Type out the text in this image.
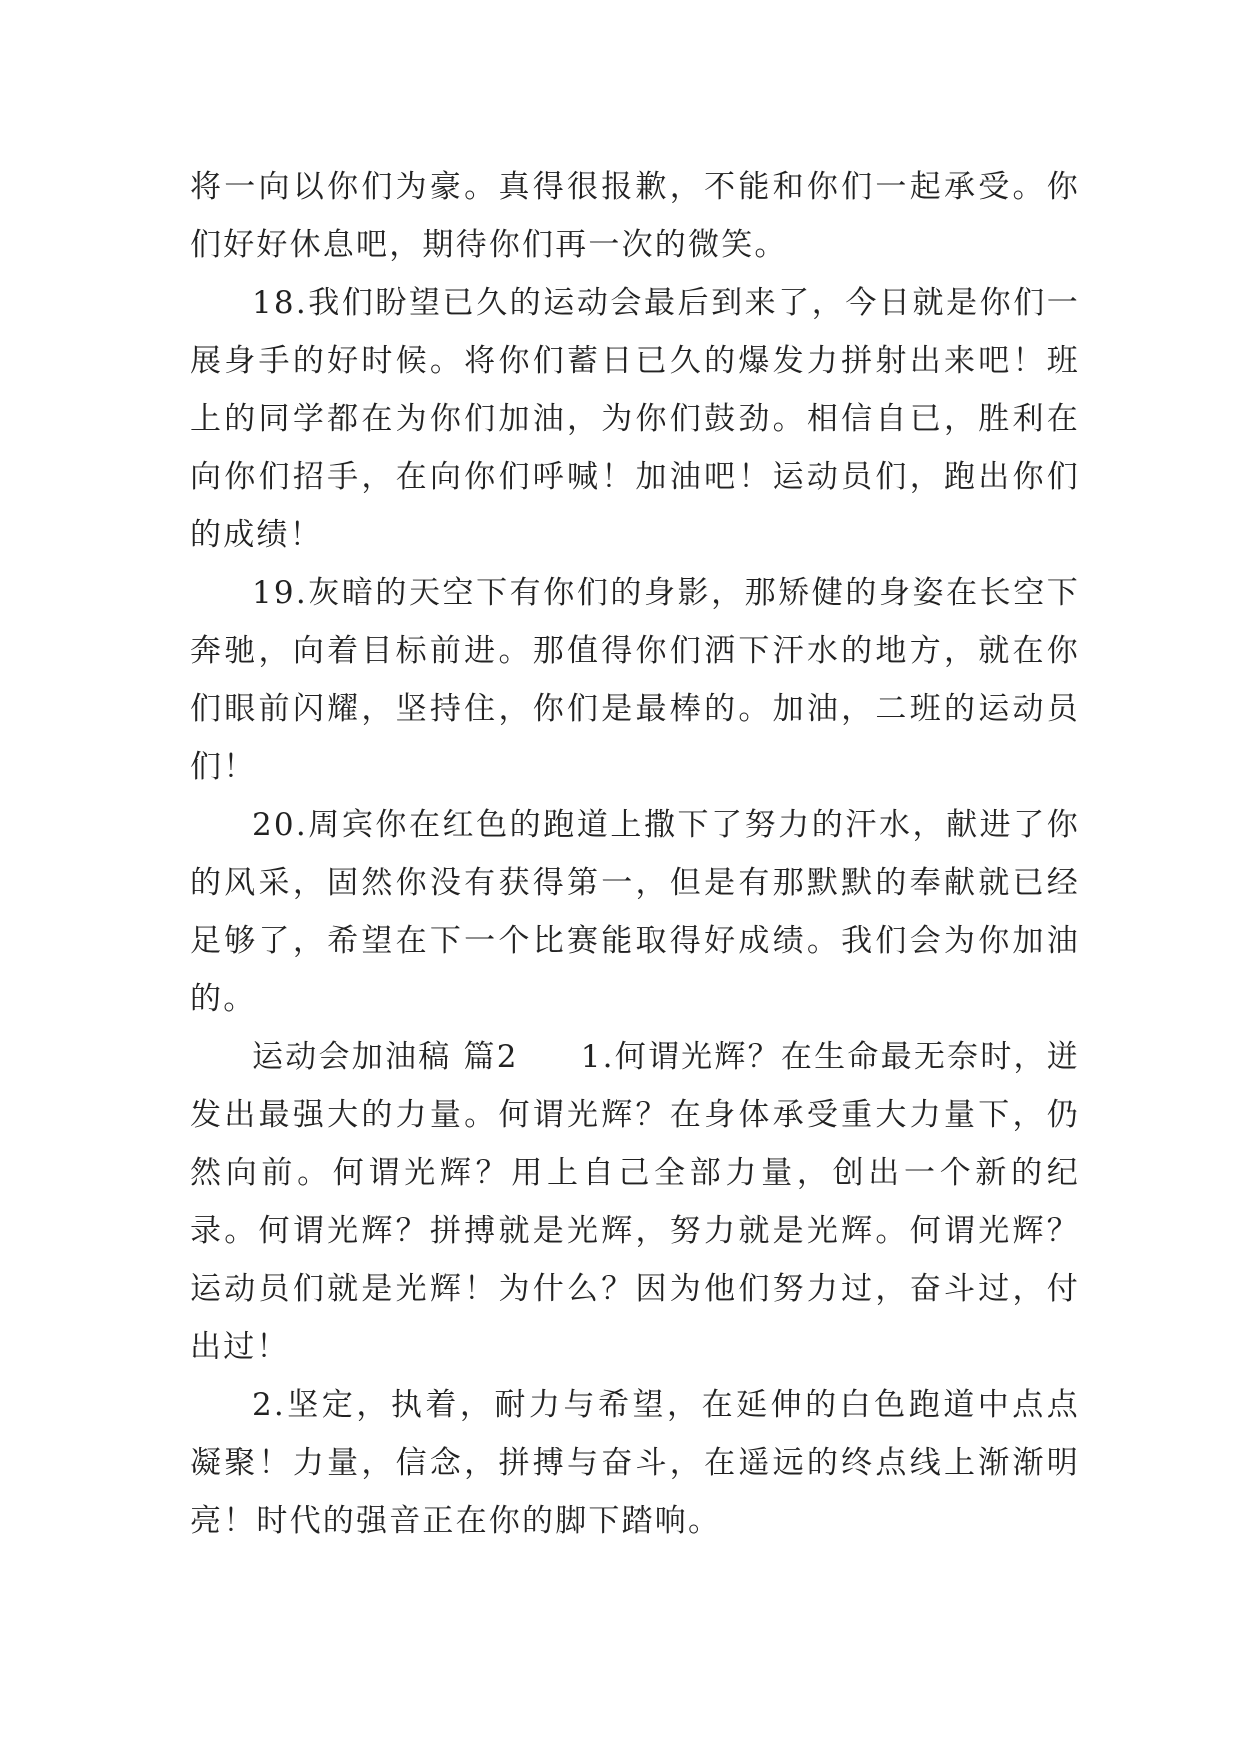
将一向以你们为豪。真得很报歉，不能和你们一起承受。你们好好休息吧，期待你们再一次的微笑。

18.我们盼望已久的运动会最后到来了，今日就是你们一展身手的好时候。将你们蓄日已久的爆发力拼射出来吧！班上的同学都在为你们加油，为你们鼓劲。相信自已，胜利在向你们招手，在向你们呼喊！加油吧！运动员们，跑出你们的成绩！

19.灰暗的天空下有你们的身影，那矫健的身姿在长空下奔驰，向着目标前进。那值得你们洒下汗水的地方，就在你们眼前闪耀，坚持住，你们是最棒的。加油，二班的运动员们！

20.周宾你在红色的跑道上撒下了努力的汗水，献进了你的风采，固然你没有获得第一，但是有那默默的奉献就已经足够了，希望在下一个比赛能取得好成绩。我们会为你加油的。

运动会加油稿 篇2 1.何谓光辉？在生命最无奈时，迸发出最强大的力量。何谓光辉？在身体承受重大力量下，仍然向前。何谓光辉？用上自己全部力量，创出一个新的纪录。何谓光辉？拼搏就是光辉，努力就是光辉。何谓光辉？运动员们就是光辉！为什么？因为他们努力过，奋斗过，付出过！

2.坚定，执着，耐力与希望，在延伸的白色跑道中点点凝聚！力量，信念，拼搏与奋斗，在遥远的终点线上渐渐明亮！时代的强音正在你的脚下踏响。
